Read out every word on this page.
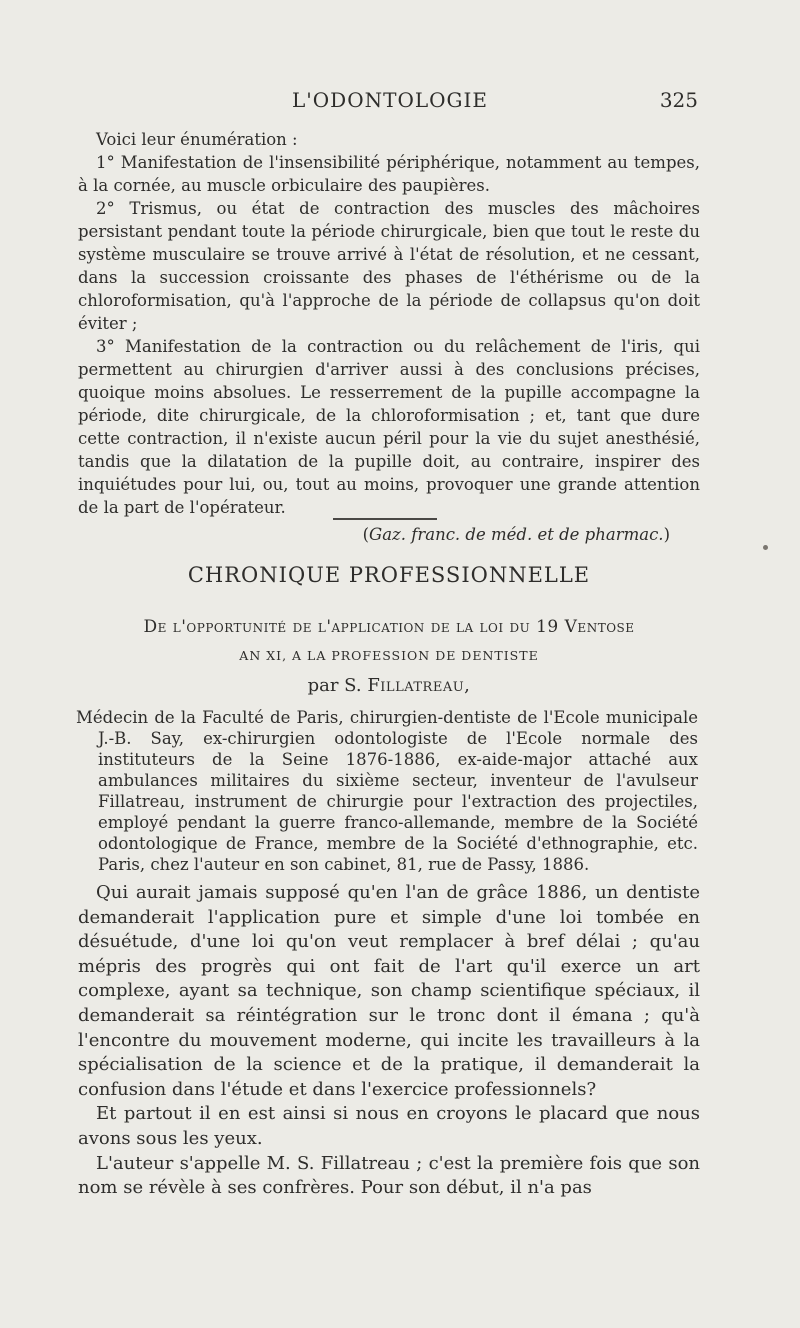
L'ODONTOLOGIE	325

Voici leur énumération :

1° Manifestation de l'insensibilité périphérique, notamment au tempes, à la cornée, au muscle orbiculaire des paupières.

2° Trismus, ou état de contraction des muscles des mâchoires persistant pendant toute la période chirurgicale, bien que tout le reste du système musculaire se trouve arrivé à l'état de résolution, et ne cessant, dans la succession croissante des phases de l'éthérisme ou de la chloroformisation, qu'à l'approche de la période de collapsus qu'on doit éviter ;

3° Manifestation de la contraction ou du relâchement de l'iris, qui permettent au chirurgien d'arriver aussi à des conclusions précises, quoique moins absolues. Le resserrement de la pupille accompagne la période, dite chirurgicale, de la chloroformisation ; et, tant que dure cette contraction, il n'existe aucun péril pour la vie du sujet anesthésié, tandis que la dilatation de la pupille doit, au contraire, inspirer des inquiétudes pour lui, ou, tout au moins, provoquer une grande attention de la part de l'opérateur.

(Gaz. franc. de méd. et de pharmac.)

CHRONIQUE PROFESSIONNELLE
De l'opportunité de l'application de la loi du 19 Ventose
AN XI, A LA PROFESSION DE DENTISTE
par S. Fillatreau,
Médecin de la Faculté de Paris, chirurgien-dentiste de l'Ecole municipale J.-B. Say, ex-chirurgien odontologiste de l'Ecole normale des instituteurs de la Seine 1876-1886, ex-aide-major attaché aux ambulances militaires du sixième secteur, inventeur de l'avulseur Fillatreau, instrument de chirurgie pour l'extraction des projectiles, employé pendant la guerre franco-allemande, membre de la Société odontologique de France, membre de la Société d'ethnographie, etc. Paris, chez l'auteur en son cabinet, 81, rue de Passy, 1886.

Qui aurait jamais supposé qu'en l'an de grâce 1886, un dentiste demanderait l'application pure et simple d'une loi tombée en désuétude, d'une loi qu'on veut remplacer à bref délai ; qu'au mépris des progrès qui ont fait de l'art qu'il exerce un art complexe, ayant sa technique, son champ scientifique spéciaux, il demanderait sa réintégration sur le tronc dont il émana ; qu'à l'encontre du mouvement moderne, qui incite les travailleurs à la spécialisation de la science et de la pratique, il demanderait la confusion dans l'étude et dans l'exercice professionnels?

Et partout il en est ainsi si nous en croyons le placard que nous avons sous les yeux.

L'auteur s'appelle M. S. Fillatreau ; c'est la première fois que son nom se révèle à ses confrères. Pour son début, il n'a pas
